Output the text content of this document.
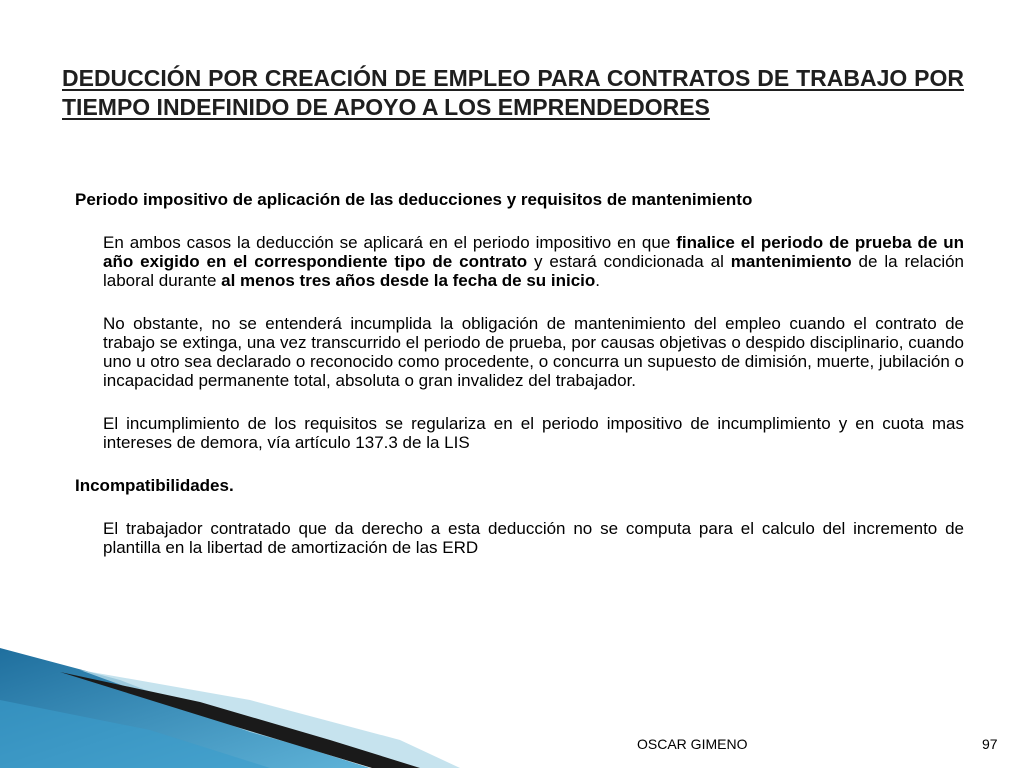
DEDUCCIÓN POR CREACIÓN DE EMPLEO PARA CONTRATOS DE TRABAJO POR TIEMPO INDEFINIDO DE APOYO A LOS EMPRENDEDORES
Periodo impositivo de aplicación de las deducciones y requisitos de mantenimiento
En ambos casos la deducción se aplicará en el periodo impositivo en que finalice el periodo de prueba de un año exigido en el correspondiente tipo de contrato y estará condicionada al mantenimiento de la relación laboral durante al menos tres años desde la fecha de su inicio.
No obstante, no se entenderá incumplida la obligación de mantenimiento del empleo cuando el contrato de trabajo se extinga, una vez transcurrido el periodo de prueba, por causas objetivas o despido disciplinario, cuando uno u otro sea declarado o reconocido como procedente, o concurra un supuesto de dimisión, muerte, jubilación o incapacidad permanente total, absoluta o gran invalidez del trabajador.
El incumplimiento de los requisitos se regulariza en el periodo impositivo de incumplimiento y en cuota mas intereses de demora, vía artículo 137.3 de la LIS
Incompatibilidades.
El trabajador contratado que da derecho a esta deducción no se computa para el calculo del incremento de plantilla en la libertad de amortización de las ERD
OSCAR GIMENO	97
